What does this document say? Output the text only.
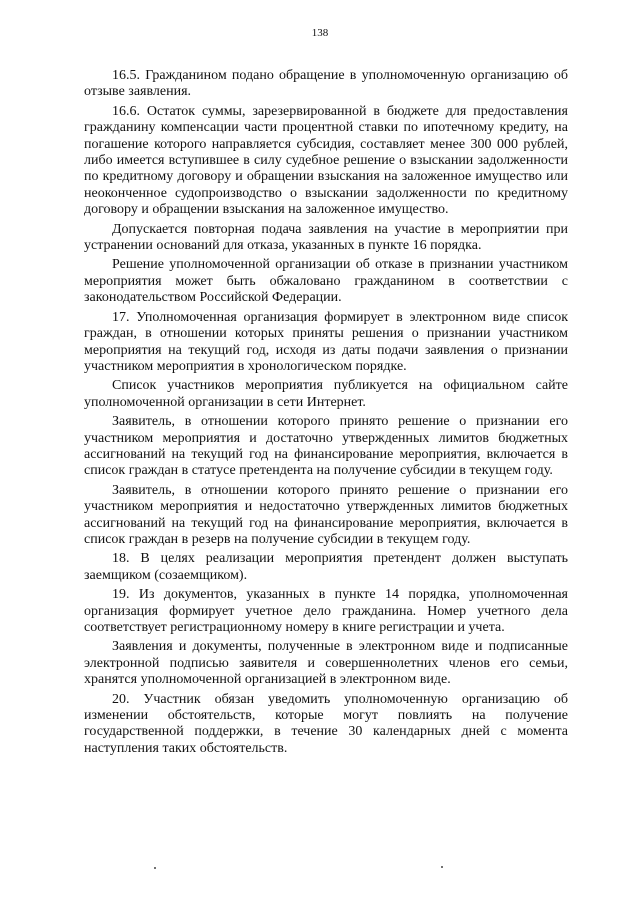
138

16.5. Гражданином подано обращение в уполномоченную организацию об отзыве заявления.

16.6. Остаток суммы, зарезервированной в бюджете для предоставления гражданину компенсации части процентной ставки по ипотечному кредиту, на погашение которого направляется субсидия, составляет менее 300 000 рублей, либо имеется вступившее в силу судебное решение о взыскании задолженности по кредитному договору и обращении взыскания на заложенное имущество или неоконченное судопроизводство о взыскании задолженности по кредитному договору и обращении взыскания на заложенное имущество.

Допускается повторная подача заявления на участие в мероприятии при устранении оснований для отказа, указанных в пункте 16 порядка.

Решение уполномоченной организации об отказе в признании участником мероприятия может быть обжаловано гражданином в соответствии с законодательством Российской Федерации.

17. Уполномоченная организация формирует в электронном виде список граждан, в отношении которых приняты решения о признании участником мероприятия на текущий год, исходя из даты подачи заявления о признании участником мероприятия в хронологическом порядке.

Список участников мероприятия публикуется на официальном сайте уполномоченной организации в сети Интернет.

Заявитель, в отношении которого принято решение о признании его участником мероприятия и достаточно утвержденных лимитов бюджетных ассигнований на текущий год на финансирование мероприятия, включается в список граждан в статусе претендента на получение субсидии в текущем году.

Заявитель, в отношении которого принято решение о признании его участником мероприятия и недостаточно утвержденных лимитов бюджетных ассигнований на текущий год на финансирование мероприятия, включается в список граждан в резерв на получение субсидии в текущем году.

18. В целях реализации мероприятия претендент должен выступать заемщиком (созаемщиком).

19. Из документов, указанных в пункте 14 порядка, уполномоченная организация формирует учетное дело гражданина. Номер учетного дела соответствует регистрационному номеру в книге регистрации и учета.

Заявления и документы, полученные в электронном виде и подписанные электронной подписью заявителя и совершеннолетних членов его семьи, хранятся уполномоченной организацией в электронном виде.

20. Участник обязан уведомить уполномоченную организацию об изменении обстоятельств, которые могут повлиять на получение государственной поддержки, в течение 30 календарных дней с момента наступления таких обстоятельств.
